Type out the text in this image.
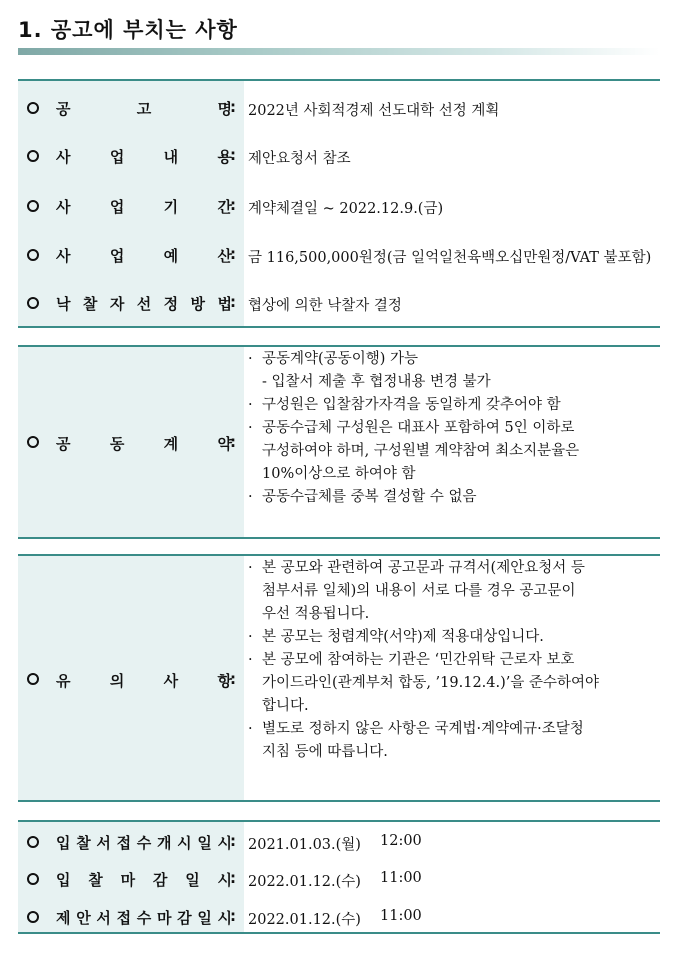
1. 공고에 부치는 사항
공	고	명
: 2022년 사회적경제 선도대학 선정 계획
사	업	내	용
: 제안요청서 참조
사	업	기	간
: 계약체결일 ~ 2022.12.9.(금)
사	업	예	산
: 금 116,500,000원정(금 일억일천육백오십만원정/VAT 불포함)
낙 찰 자 선 정 방 법
: 협상에 의한 낙찰자 결정
공	동	계	약
:
· 공동계약(공동이행) 가능
- 입찰서 제출 후 협정내용 변경 불가
· 구성원은 입찰참가자격을 동일하게 갖추어야 함
· 공동수급체 구성원은 대표사 포함하여 5인 이하로
구성하여야 하며, 구성원별 계약참여 최소지분율은
10%이상으로 하여야 함
· 공동수급체를 중복 결성할 수 없음
유	의	사	항
:
· 본 공모와 관련하여 공고문과 규격서(제안요청서 등
첨부서류 일체)의 내용이 서로 다를 경우 공고문이
우선 적용됩니다.
· 본 공모는 청렴계약(서약)제 적용대상입니다.
· 본 공모에 참여하는 기관은 ‘민간위탁 근로자 보호
가이드라인(관계부처 합동, ’19.12.4.)’을 준수하여야
합니다.
· 별도로 정하지 않은 사항은 국계법·계약예규·조달청
지침 등에 따릅니다.
입 찰 서 접 수 개 시 일 시
: 2021.01.03.(월) 12:00
입 찰 마 감 일 시
: 2022.01.12.(수) 11:00
제 안 서 접 수 마 감 일 시
: 2022.01.12.(수) 11:00
